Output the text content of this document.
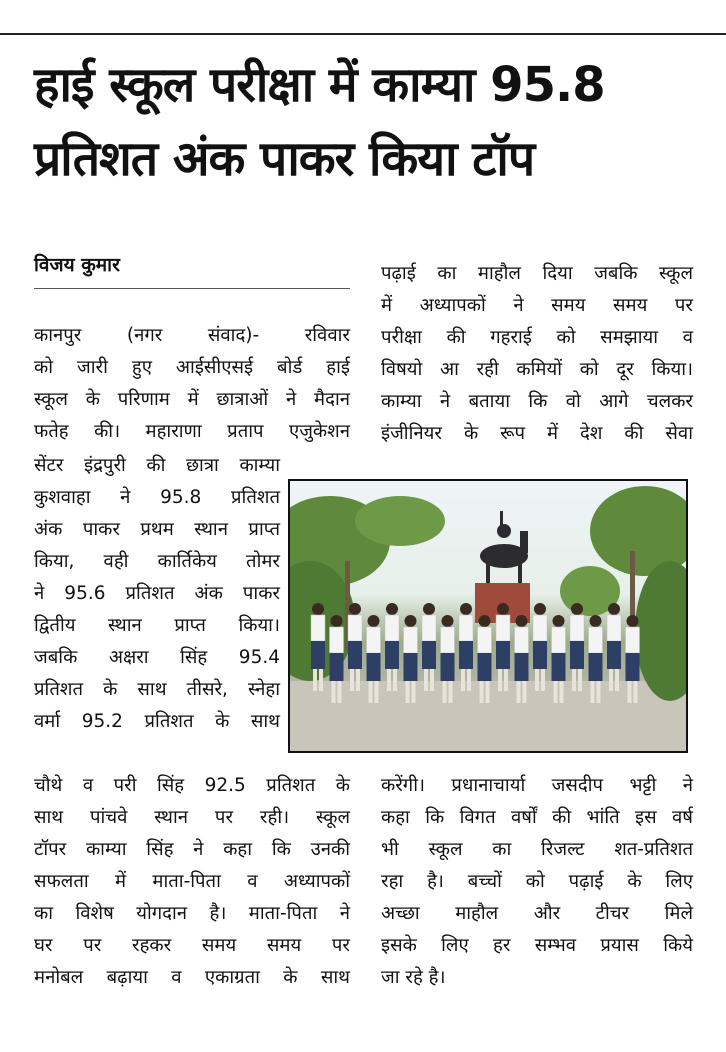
हाई स्कूल परीक्षा में काम्या 95.8
प्रतिशत अंक पाकर किया टॉप
विजय कुमार
कानपुर (नगर संवाद)- रविवार
को जारी हुए आईसीएसई बोर्ड हाई
स्कूल के परिणाम में छात्राओं ने मैदान
फतेह की। महाराणा प्रताप एजुकेशन
सेंटर इंद्रपुरी की छात्रा काम्या
कुशवाहा ने 95.8 प्रतिशत
अंक पाकर प्रथम स्थान प्राप्त
किया, वही कार्तिकेय तोमर
ने 95.6 प्रतिशत अंक पाकर
द्वितीय स्थान प्राप्त किया।
जबकि अक्षरा सिंह 95.4
प्रतिशत के साथ तीसरे, स्नेहा
वर्मा 95.2 प्रतिशत के साथ
चौथे व परी सिंह 92.5 प्रतिशत के
साथ पांचवे स्थान पर रही। स्कूल
टॉपर काम्या सिंह ने कहा कि उनकी
सफलता में माता-पिता व अध्यापकों
का विशेष योगदान है। माता-पिता ने
घर पर रहकर समय समय पर
मनोबल बढ़ाया व एकाग्रता के साथ
पढ़ाई का माहौल दिया जबकि स्कूल
में अध्यापकों ने समय समय पर
परीक्षा की गहराई को समझाया व
विषयो आ रही कमियों को दूर किया।
काम्या ने बताया कि वो आगे चलकर
इंजीनियर के रूप में देश की सेवा
करेंगी। प्रधानाचार्या जसदीप भट्टी ने
कहा कि विगत वर्षों की भांति इस वर्ष
भी स्कूल का रिजल्ट शत-प्रतिशत
रहा है। बच्चों को पढ़ाई के लिए
अच्छा माहौल और टीचर मिले
इसके लिए हर सम्भव प्रयास किये
जा रहे है।
